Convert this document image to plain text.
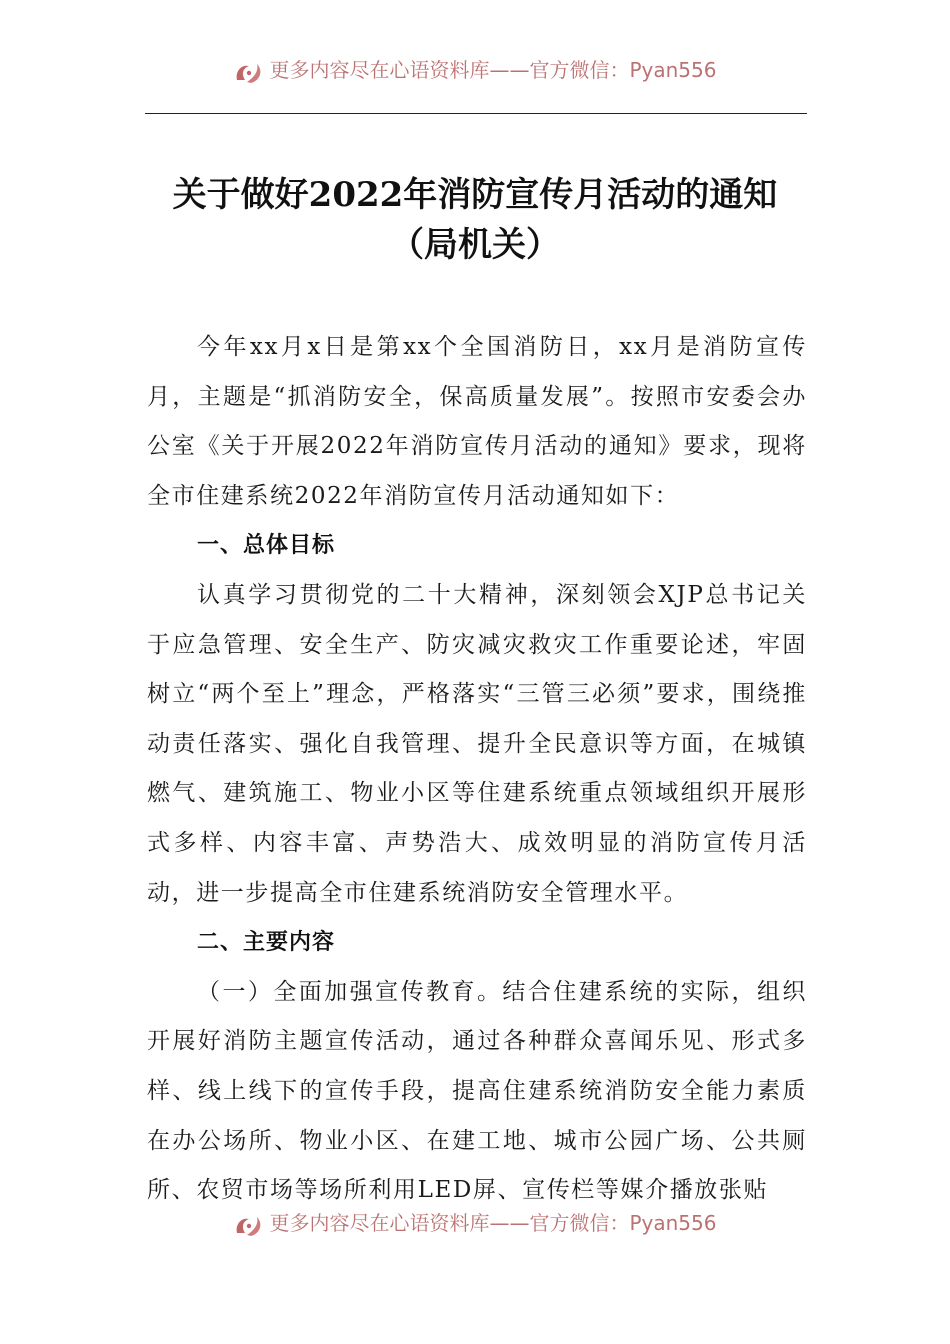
更多内容尽在心语资料库——官方微信：Pyan556
关于做好2022年消防宣传月活动的通知
（局机关）

今年xx月x日是第xx个全国消防日，xx月是消防宣传月，主题是“抓消防安全，保高质量发展”。按照市安委会办公室《关于开展2022年消防宣传月活动的通知》要求，现将全市住建系统2022年消防宣传月活动通知如下：

一、总体目标

认真学习贯彻党的二十大精神，深刻领会XJP总书记关于应急管理、安全生产、防灾减灾救灾工作重要论述，牢固树立“两个至上”理念，严格落实“三管三必须”要求，围绕推动责任落实、强化自我管理、提升全民意识等方面，在城镇燃气、建筑施工、物业小区等住建系统重点领域组织开展形式多样、内容丰富、声势浩大、成效明显的消防宣传月活动，进一步提高全市住建系统消防安全管理水平。

二、主要内容

（一）全面加强宣传教育。结合住建系统的实际，组织开展好消防主题宣传活动，通过各种群众喜闻乐见、形式多样、线上线下的宣传手段，提高住建系统消防安全能力素质在办公场所、物业小区、在建工地、城市公园广场、公共厕所、农贸市场等场所利用LED屏、宣传栏等媒介播放张贴

更多内容尽在心语资料库——官方微信：Pyan556
